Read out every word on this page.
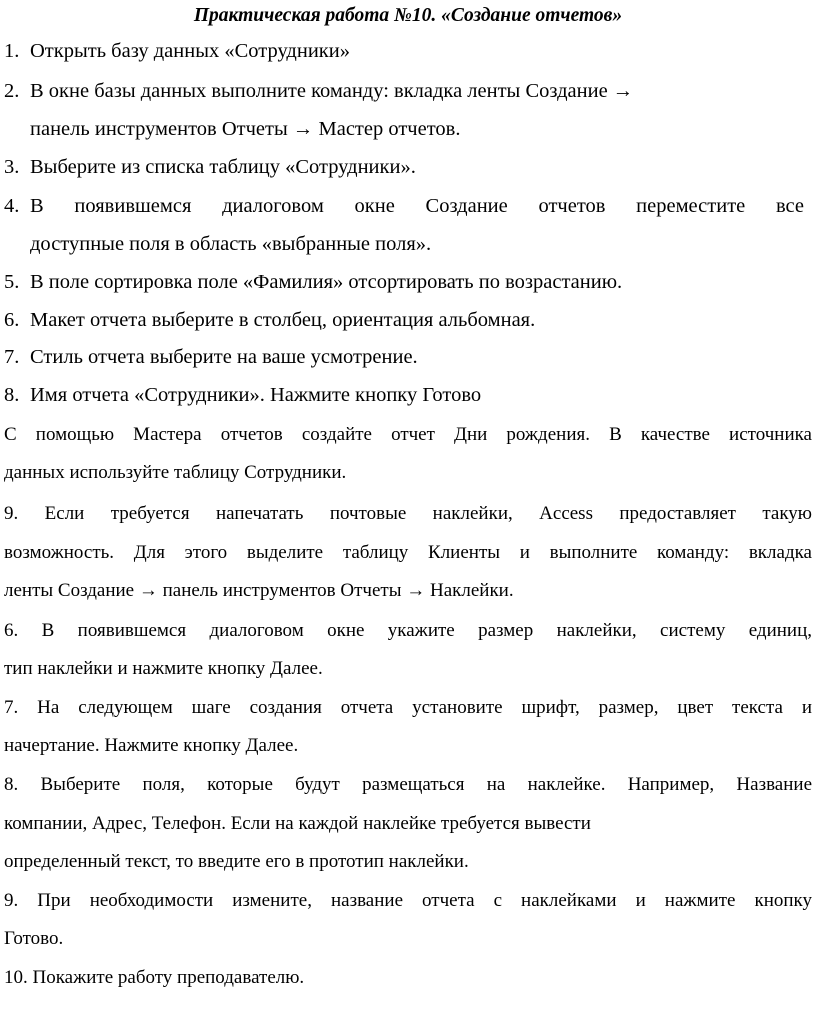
Практическая работа №10. «Создание отчетов»
1. Открыть базу данных «Сотрудники»
2. В окне базы данных выполните команду: вкладка ленты Создание →
панель инструментов Отчеты → Мастер отчетов.
3. Выберите из списка таблицу «Сотрудники».
4. В появившемся диалоговом окне Создание отчетов переместите все
доступные поля в область «выбранные поля».
5. В поле сортировка поле «Фамилия» отсортировать по возрастанию.
6. Макет отчета выберите в столбец, ориентация альбомная.
7. Стиль отчета выберите на ваше усмотрение.
8. Имя отчета «Сотрудники». Нажмите кнопку Готово
С помощью Мастера отчетов создайте отчет Дни рождения. В качестве источника
данных используйте таблицу Сотрудники.
9. Если требуется напечатать почтовые наклейки, Access предоставляет такую
возможность. Для этого выделите таблицу Клиенты и выполните команду: вкладка
ленты Создание → панель инструментов Отчеты → Наклейки.
6. В появившемся диалоговом окне укажите размер наклейки, систему единиц,
тип наклейки и нажмите кнопку Далее.
7. На следующем шаге создания отчета установите шрифт, размер, цвет текста и
начертание. Нажмите кнопку Далее.
8. Выберите поля, которые будут размещаться на наклейке. Например, Название
компании, Адрес, Телефон. Если на каждой наклейке требуется вывести
определенный текст, то введите его в прототип наклейки.
9. При необходимости измените, название отчета с наклейками и нажмите кнопку
Готово.
10. Покажите работу преподавателю.
